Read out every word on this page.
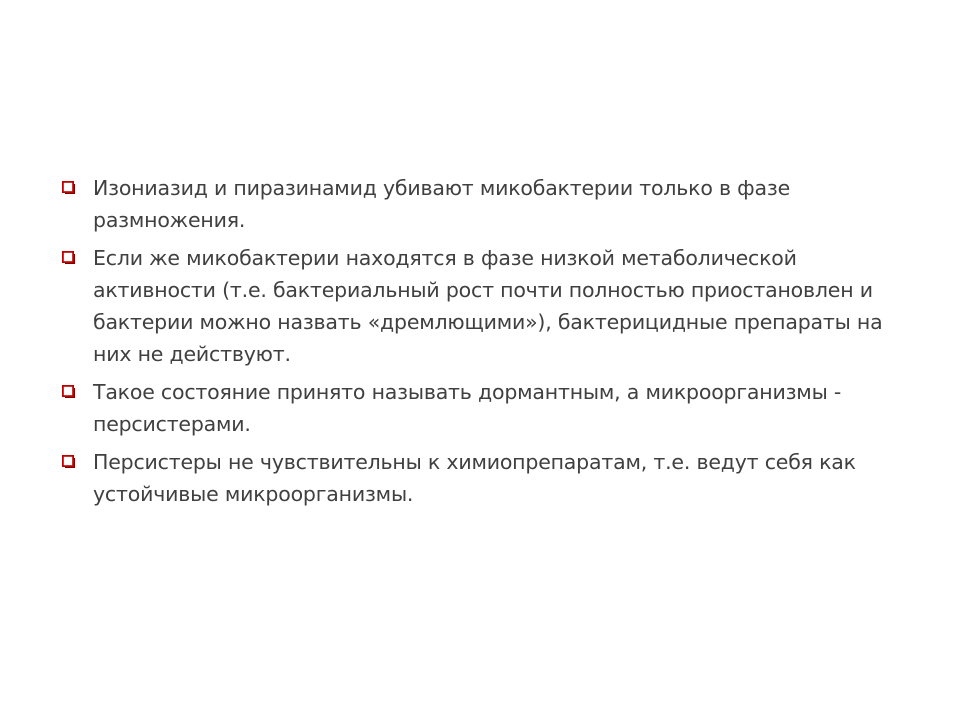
Изониазид и пиразинамид убивают микобактерии только в фазе размножения.
Если же микобактерии находятся в фазе низкой метаболической активности (т.е. бактериальный рост почти полностью приостановлен и бактерии можно назвать «дремлющими»), бактерицидные препараты на них не действуют.
Такое состояние принято называть дормантным, а микроорганизмы - персистерами.
Персистеры не чувствительны к химиопрепаратам, т.е. ведут себя как устойчивые микроорганизмы.
